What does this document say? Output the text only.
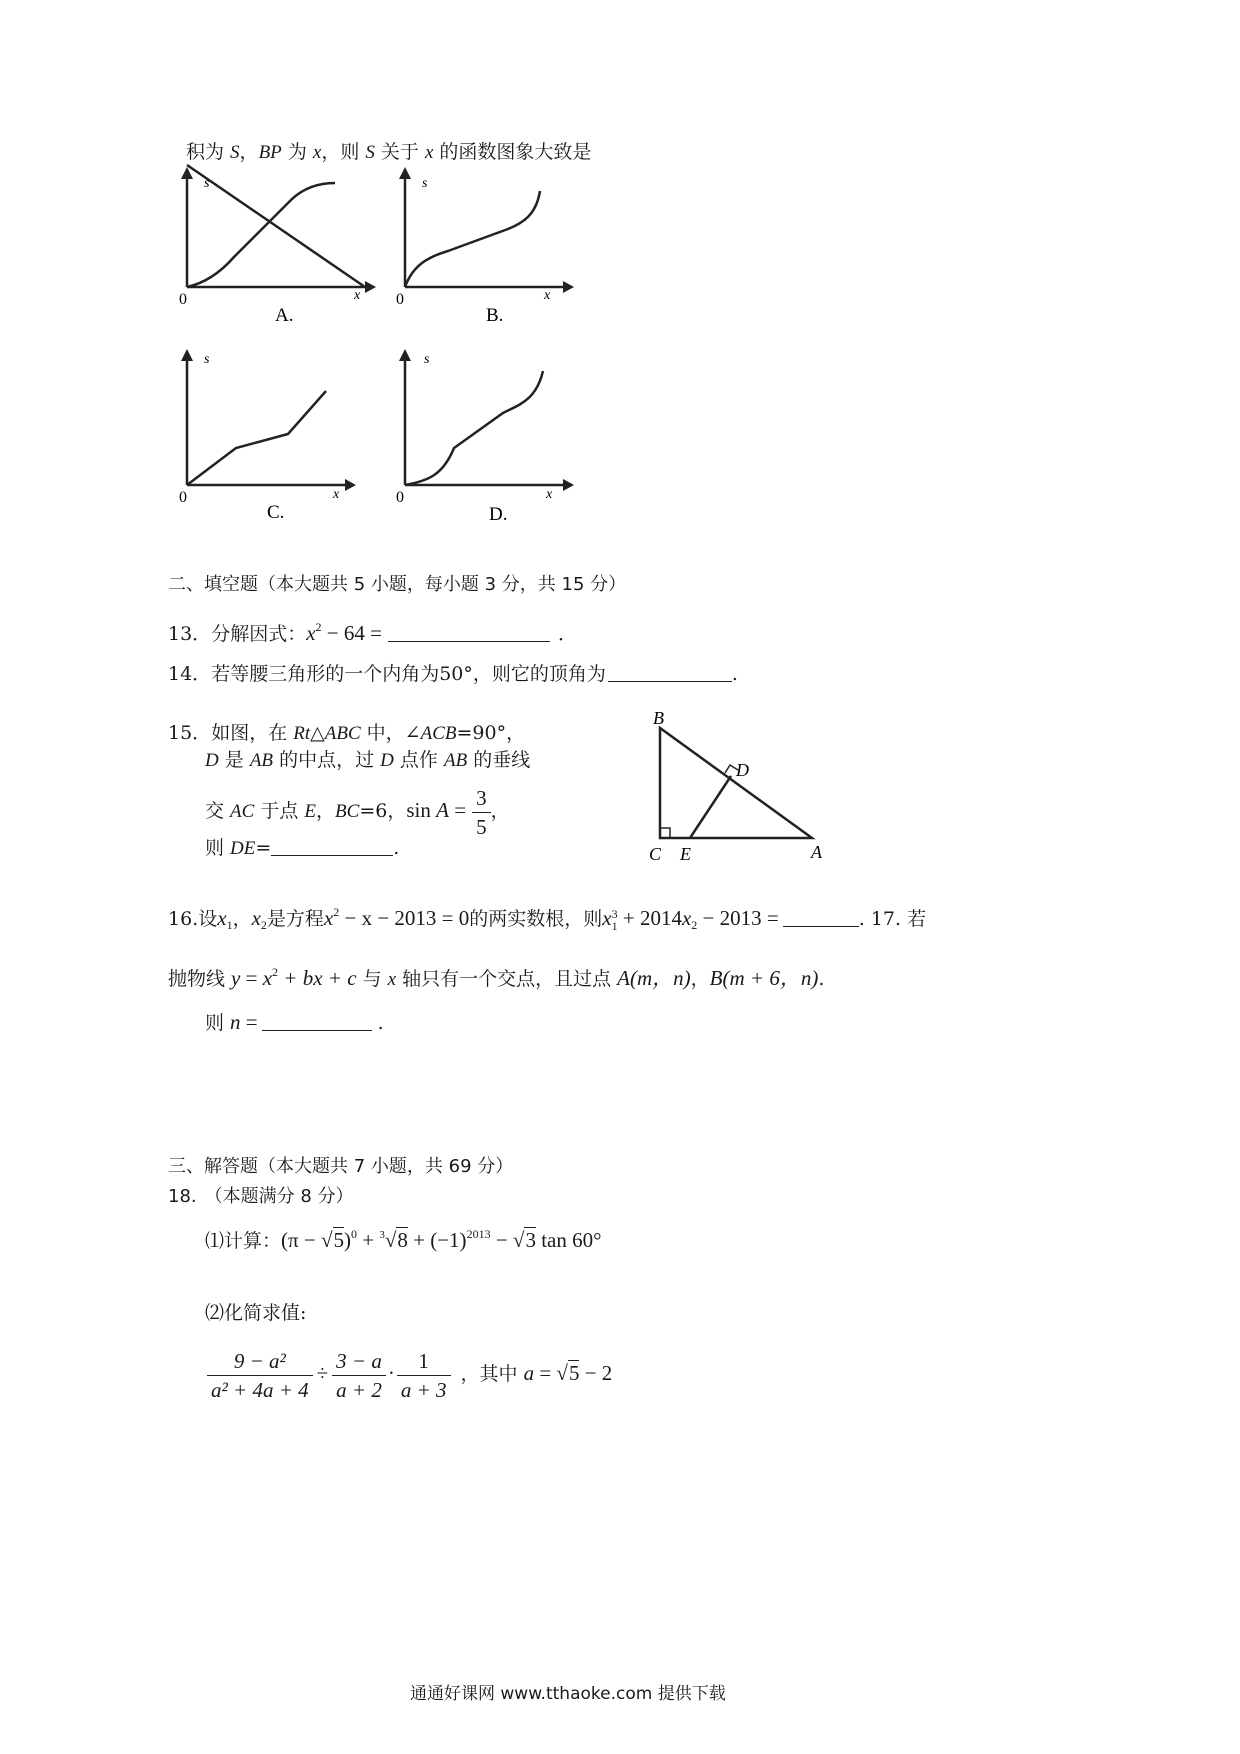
积为 S，BP 为 x，则 S 关于 x 的函数图象大致是
s
x
0
A.
s
x
0
B.
s
x
0
C.
s
x
0
D.
二、填空题（本大题共 5 小题，每小题 3 分，共 15 分）
13．分解因式：$x^2 - 64$ =	．
14．若等腰三角形的一个内角为50°，则它的顶角为	.
15．如图，在 Rt△ABC 中，∠ACB=90°，
D 是 AB 的中点，过 D 点作 AB 的垂线
交 AC 于点 E，BC=6，$\sin A = \frac{3}{5}$ ，
则 DE=	.
B
D
C E	A
16.设$x_1$，$x_2$是方程$x^2 - x - 2013 = 0$的两实数根，则x 3
$1 + 2014x_2 - 2013$ =	. 17. 若
抛物线 $y = x^2$ + bx + c 与 x 轴只有一个交点，且过点 A(m，n)，B(m + 6，n).
则 n =	.
三、解答题（本大题共 7 小题，共 69 分）
18. （本题满分 8 分）
⑴计算：$(\pi - √5)^0 + ^3√8 + (-1)^{2013} - √3$ tan 60°
⑵化简求值:
$\frac{\text{9 − a²}}{\text{a² + 4a + 4}} \div \frac{3 - a}{a + 2} \cdot \frac{1}{a + 3}$ ，其中 a = √5 − 2
通通好课网 www.tthaoke.com 提供下载
